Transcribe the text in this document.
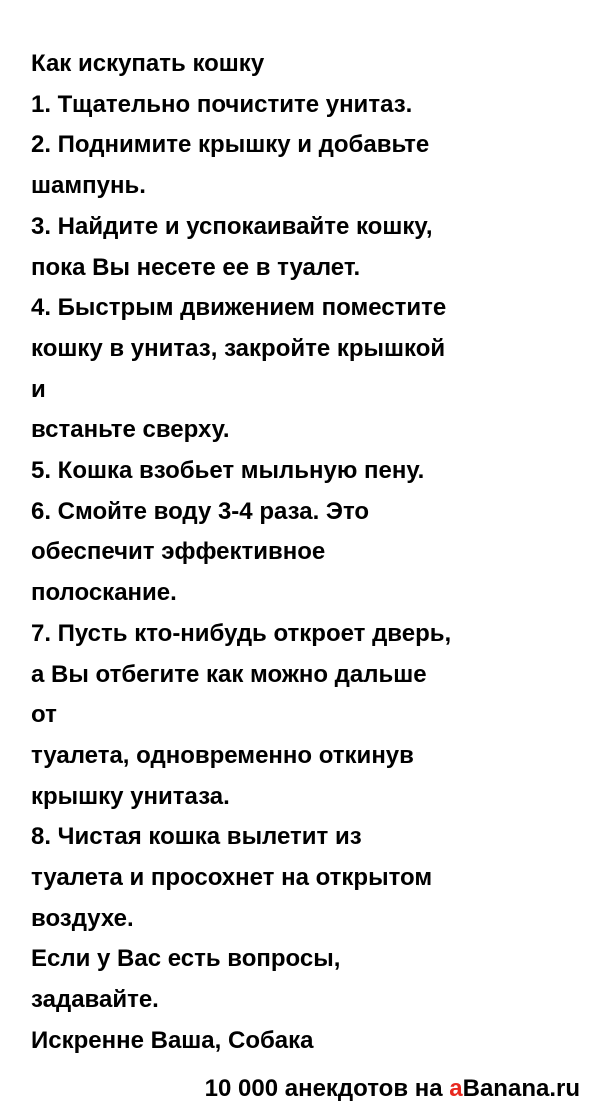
Как искупать кошку
1. Тщательно почистите унитаз.
2. Поднимите крышку и добавьте
шампунь.
3. Найдите и успокаивайте кошку,
пока Вы несете ее в туалет.
4. Быстрым движением поместите
кошку в унитаз, закройте крышкой
и
встаньте сверху.
5. Кошка взобьет мыльную пену.
6. Смойте воду 3-4 раза. Это
обеспечит эффективное
полоскание.
7. Пусть кто-нибудь откроет дверь,
а Вы отбегите как можно дальше
от
туалета, одновременно откинув
крышку унитаза.
8. Чистая кошка вылетит из
туалета и просохнет на открытом
воздухе.
Если у Вас есть вопросы,
задавайте.
Искренне Ваша, Собака
10 000 анекдотов на aBanana.ru
